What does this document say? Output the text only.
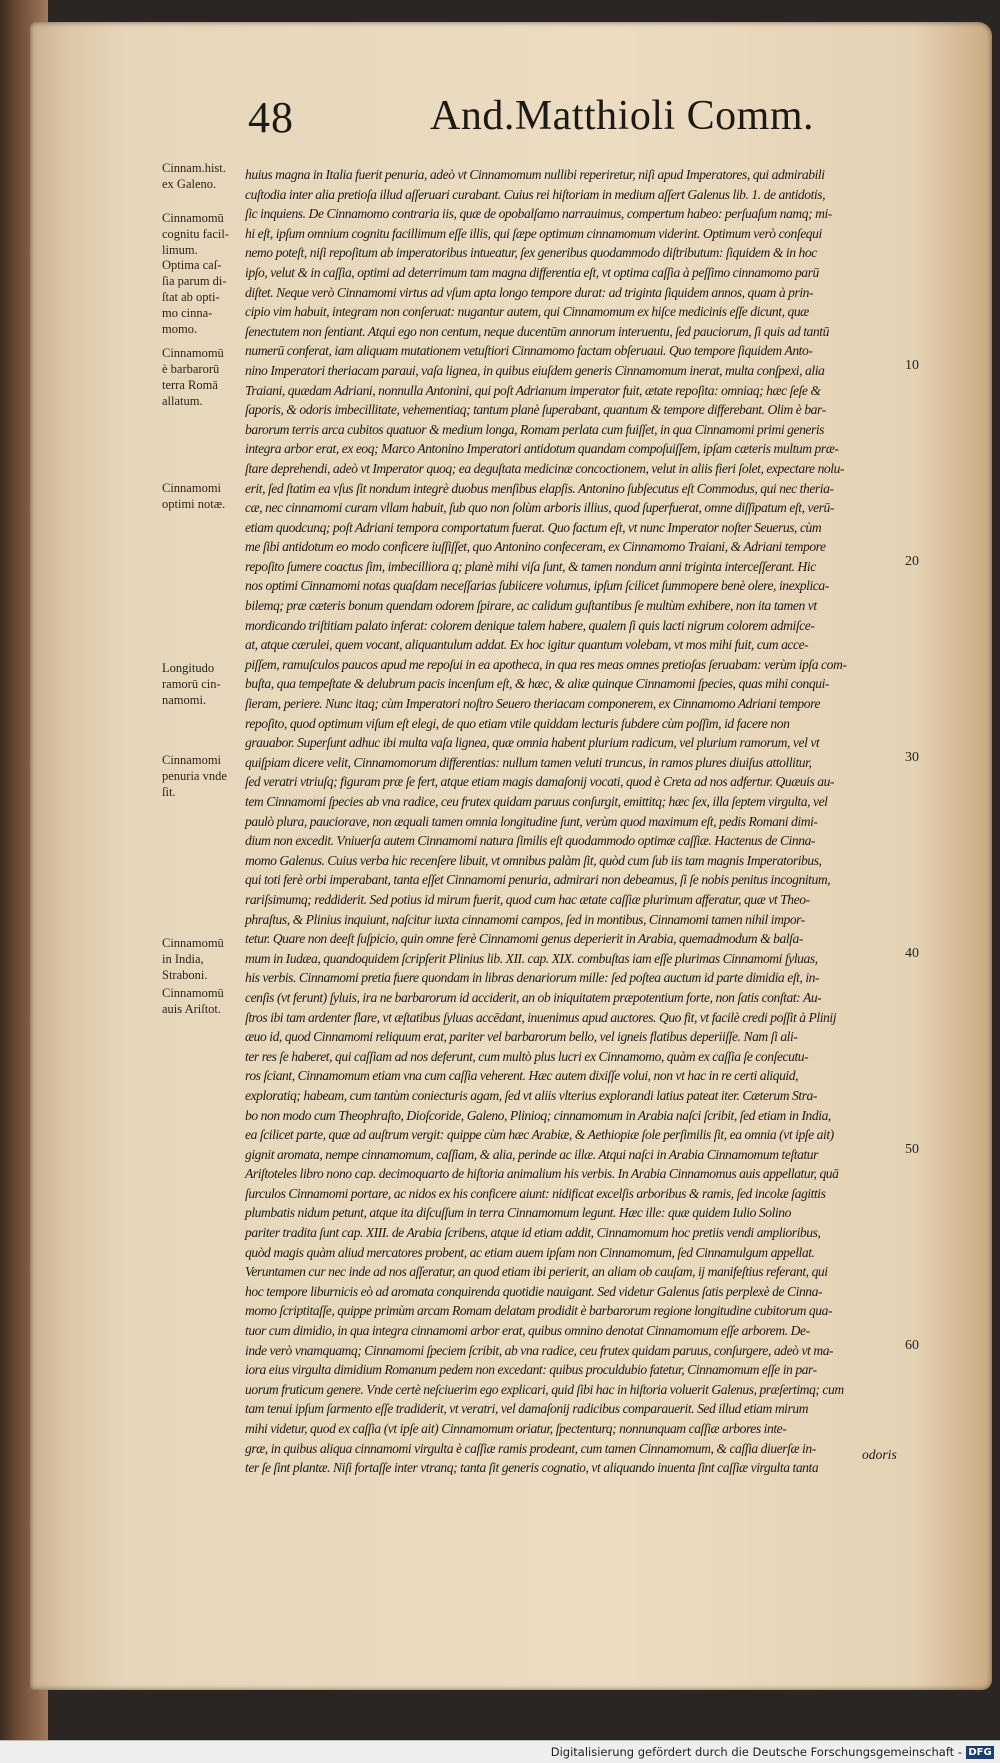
48	And.Matthioli Comm.
Cinnam.hist.
ex Galeno.
Cinnamomū
cognitu facil-
limum.
Optima caſ-
ſia parum di-
ſtat ab opti-
mo cinna-
momo.
Cinnamomū
è barbarorū
terra Romā
allatum.
Cinnamomi
optimi notæ.
Longitudo
ramorū cin-
namomi.
Cinnamomi
penuria vnde
ſit.
Cinnamomū
in India,
Straboni.
Cinnamomū
auis Ariſtot.
huius magna in Italia fuerit penuria, adeò vt Cinnamomum nullibi reperiretur, niſi apud Imperatores, qui admirabili
cuſtodia inter alia pretioſa illud aſſeruari curabant. Cuius rei hiſtoriam in medium aſſert Galenus lib. 1. de antidotis,
ſic inquiens. De Cinnamomo contraria iis, quæ de opobalſamo narrauimus, compertum habeo: perſuaſum namq; mi-
hi eſt, ipſum omnium cognitu facillimum eſſe illis, qui ſæpe optimum cinnamomum viderint. Optimum verò conſequi
nemo poteſt, niſi repoſitum ab imperatoribus intueatur, ſex generibus quodammodo diſtributum: ſiquidem & in hoc
ipſo, velut & in caſſia, optimi ad deterrimum tam magna differentia eſt, vt optima caſſia à peſſimo cinnamomo parū
diſtet. Neque verò Cinnamomi virtus ad vſum apta longo tempore durat: ad triginta ſiquidem annos, quam à prin-
cipio vim habuit, integram non conſeruat: nugantur autem, qui Cinnamomum ex hiſce medicinis eſſe dicunt, quæ
ſenectutem non ſentiant. Atqui ego non centum, neque ducentūm annorum interuentu, ſed pauciorum, ſi quis ad tantū
numerū conferat, iam aliquam mutationem vetuſtiori Cinnamomo factam obſeruaui. Quo tempore ſiquidem Anto-
nino Imperatori theriacam paraui, vaſa lignea, in quibus eiuſdem generis Cinnamomum inerat, multa conſpexi, alia
Traiani, quædam Adriani, nonnulla Antonini, qui poſt Adrianum imperator fuit, ætate repoſita: omniaq; hæc ſeſe &
ſaporis, & odoris imbecillitate, vehementiaq; tantum planè ſuperabant, quantum & tempore differebant. Olim è bar-
barorum terris arca cubitos quatuor & medium longa, Romam perlata cum fuiſſet, in qua Cinnamomi primi generis
integra arbor erat, ex eoq; Marco Antonino Imperatori antidotum quandam compoſuiſſem, ipſam cæteris multum præ-
ſtare deprehendi, adeò vt Imperator quoq; ea deguſtata medicinæ concoctionem, velut in aliis fieri ſolet, expectare nolu-
erit, ſed ſtatim ea vſus ſit nondum integrè duobus menſibus elapſis. Antonino ſubſecutus eſt Commodus, qui nec theria-
cæ, nec cinnamomi curam vllam habuit, ſub quo non ſolùm arboris illius, quod ſuperfuerat, omne diſſipatum eſt, verū-
etiam quodcunq; poſt Adriani tempora comportatum fuerat. Quo factum eſt, vt nunc Imperator noſter Seuerus, cùm
me ſibi antidotum eo modo conficere iuſſiſſet, quo Antonino confeceram, ex Cinnamomo Traiani, & Adriani tempore
repoſito ſumere coactus ſim, imbecilliora q; planè mihi viſa ſunt, & tamen nondum anni triginta interceſſerant. Hic
nos optimi Cinnamomi notas quaſdam neceſſarias ſubiicere volumus, ipſum ſcilicet ſummopere benè olere, inexplica-
bilemq; præ cæteris bonum quendam odorem ſpirare, ac calidum guſtantibus ſe multùm exhibere, non ita tamen vt
mordicando triſtitiam palato inferat: colorem denique talem habere, qualem ſi quis lacti nigrum colorem admiſce-
at, atque cærulei, quem vocant, aliquantulum addat. Ex hoc igitur quantum volebam, vt mos mihi fuit, cum acce-
piſſem, ramuſculos paucos apud me repoſui in ea apotheca, in qua res meas omnes pretioſas ſeruabam: verùm ipſa com-
buſta, qua tempeſtate & delubrum pacis incenſum eſt, & hæc, & aliæ quinque Cinnamomi ſpecies, quas mihi conqui-
ſieram, periere. Nunc itaq; cùm Imperatori noſtro Seuero theriacam componerem, ex Cinnamomo Adriani tempore
repoſito, quod optimum viſum eſt elegi, de quo etiam vtile quiddam lecturis ſubdere cùm poſſim, id facere non
grauabor. Superſunt adhuc ibi multa vaſa lignea, quæ omnia habent plurium radicum, vel plurium ramorum, vel vt
quiſpiam dicere velit, Cinnamomorum differentias: nullum tamen veluti truncus, in ramos plures diuiſus attollitur,
ſed veratri vtriuſq; figuram præ ſe fert, atque etiam magis damaſonij vocati, quod è Creta ad nos adfertur. Quæuis au-
tem Cinnamomi ſpecies ab vna radice, ceu frutex quidam paruus conſurgit, emittitq; hæc ſex, illa ſeptem virgulta, vel
paulò plura, pauciorave, non æquali tamen omnia longitudine ſunt, verùm quod maximum eſt, pedis Romani dimi-
dium non excedit. Vniuerſa autem Cinnamomi natura ſimilis eſt quodammodo optimæ caſſiæ. Hactenus de Cinna-
momo Galenus. Cuius verba hic recenſere libuit, vt omnibus palàm ſit, quòd cum ſub iis tam magnis Imperatoribus,
qui toti ferè orbi imperabant, tanta eſſet Cinnamomi penuria, admirari non debeamus, ſi ſe nobis penitus incognitum,
rariſsimumq; reddiderit. Sed potius id mirum fuerit, quod cum hac ætate caſſiæ plurimum afferatur, quæ vt Theo-
phraſtus, & Plinius inquiunt, naſcitur iuxta cinnamomi campos, ſed in montibus, Cinnamomi tamen nihil impor-
tetur. Quare non deeſt ſuſpicio, quin omne ferè Cinnamomi genus deperierit in Arabia, quemadmodum & balſa-
mum in Iudæa, quandoquidem ſcripſerit Plinius lib. XII. cap. XIX. combuſtas iam eſſe plurimas Cinnamomi ſyluas,
his verbis. Cinnamomi pretia fuere quondam in libras denariorum mille: ſed poſtea auctum id parte dimidia eſt, in-
cenſis (vt ferunt) ſyluis, ira ne barbarorum id acciderit, an ob iniquitatem præpotentium forte, non ſatis conſtat: Au-
ſtros ibi tam ardenter flare, vt æſtatibus ſyluas accēdant, inuenimus apud auctores. Quo fit, vt facilè credi poſſit à Plinij
æuo id, quod Cinnamomi reliquum erat, pariter vel barbarorum bello, vel igneis flatibus deperiiſſe. Nam ſi ali-
ter res ſe haberet, qui caſſiam ad nos deferunt, cum multò plus lucri ex Cinnamomo, quàm ex caſſia ſe conſecutu-
ros ſciant, Cinnamomum etiam vna cum caſſia veherent. Hæc autem dixiſſe volui, non vt hac in re certi aliquid,
exploratiq; habeam, cum tantùm coniecturis agam, ſed vt aliis vlterius explorandi latius pateat iter. Cæterum Stra-
bo non modo cum Theophraſto, Dioſcoride, Galeno, Plinioq; cinnamomum in Arabia naſci ſcribit, ſed etiam in India,
ea ſcilicet parte, quæ ad auſtrum vergit: quippe cùm hæc Arabiæ, & Aethiopiæ ſole perſimilis ſit, ea omnia (vt ipſe ait)
gignit aromata, nempe cinnamomum, caſſiam, & alia, perinde ac illæ. Atqui naſci in Arabia Cinnamomum teſtatur
Ariſtoteles libro nono cap. decimoquarto de hiſtoria animalium his verbis. In Arabia Cinnamomus auis appellatur, quā
ſurculos Cinnamomi portare, ac nidos ex his conficere aiunt: nidificat excelſis arboribus & ramis, ſed incolæ ſagittis
plumbatis nidum petunt, atque ita diſcuſſum in terra Cinnamomum legunt. Hæc ille: quæ quidem Iulio Solino
pariter tradita ſunt cap. XIII. de Arabia ſcribens, atque id etiam addit, Cinnamomum hoc pretiis vendi amplioribus,
quòd magis quàm aliud mercatores probent, ac etiam auem ipſam non Cinnamomum, ſed Cinnamulgum appellat.
Veruntamen cur nec inde ad nos aſſeratur, an quod etiam ibi perierit, an aliam ob cauſam, ij manifeſtius referant, qui
hoc tempore liburnicis eò ad aromata conquirenda quotidie nauigant. Sed videtur Galenus ſatis perplexè de Cinna-
momo ſcriptitaſſe, quippe primùm arcam Romam delatam prodidit è barbarorum regione longitudine cubitorum qua-
tuor cum dimidio, in qua integra cinnamomi arbor erat, quibus omnino denotat Cinnamomum eſſe arborem. De-
inde verò vnamquamq; Cinnamomi ſpeciem ſcribit, ab vna radice, ceu frutex quidam paruus, conſurgere, adeò vt ma-
iora eius virgulta dimidium Romanum pedem non excedant: quibus proculdubio fatetur, Cinnamomum eſſe in par-
uorum fruticum genere. Vnde certè neſciuerim ego explicari, quid ſibi hac in hiſtoria voluerit Galenus, præſertimq; cum
tam tenui ipſum ſarmento eſſe tradiderit, vt veratri, vel damaſonij radicibus comparauerit. Sed illud etiam mirum
mihi videtur, quod ex caſſia (vt ipſe ait) Cinnamomum oriatur, ſpectenturq; nonnunquam caſſiæ arbores inte-
græ, in quibus aliqua cinnamomi virgulta è caſſiæ ramis prodeant, cum tamen Cinnamomum, & caſſia diuerſæ in-
ter ſe ſint plantæ. Niſi fortaſſe inter vtranq; tanta ſit generis cognatio, vt aliquando inuenta ſint caſſiæ virgulta tanta
10
20
30
40
50
60
odoris
Digitalisierung gefördert durch die Deutsche Forschungsgemeinschaft - DFG
